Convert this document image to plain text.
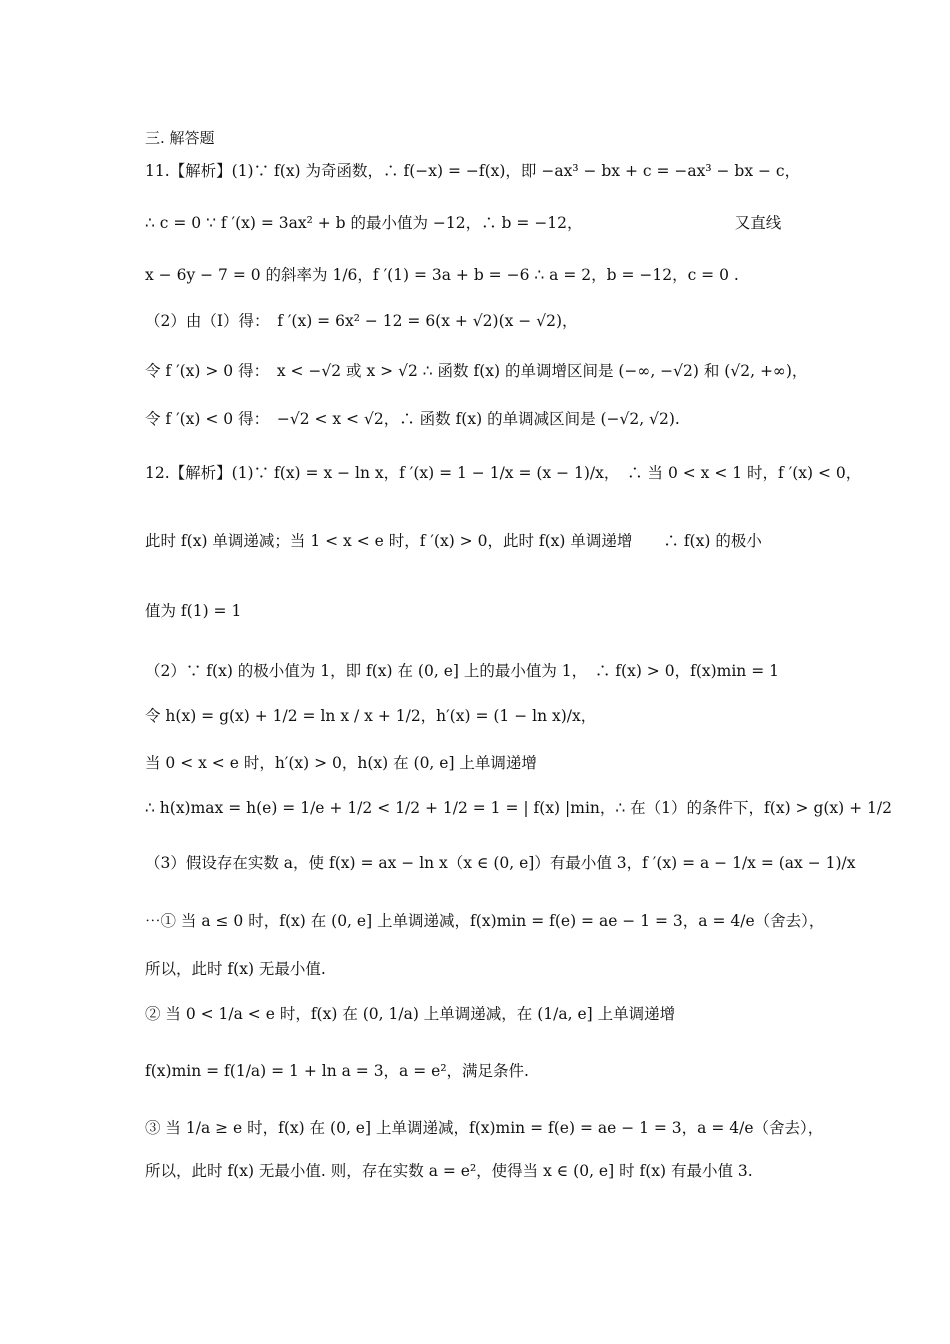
三. 解答题
11.【解析】(1)∵ f(x) 为奇函数，∴ f(−x) = −f(x)，即 −ax³ − bx + c = −ax³ − bx − c，
∴ c = 0 ∵ f ′(x) = 3ax² + b 的最小值为 −12，∴ b = −12，　　　　　　　　　　 又直线
x − 6y − 7 = 0 的斜率为 1/6，f ′(1) = 3a + b = −6 ∴ a = 2，b = −12，c = 0 .
（2）由（Ⅰ）得：　f ′(x) = 6x² − 12 = 6(x + √2)(x − √2)，
令 f ′(x) > 0 得：　x < −√2 或 x > √2 ∴ 函数 f(x) 的单调增区间是 (−∞, −√2) 和 (√2, +∞)，
令 f ′(x) < 0 得：　−√2 < x < √2，∴ 函数 f(x) 的单调减区间是 (−√2, √2).
12.【解析】(1)∵ f(x) = x − ln x，f ′(x) = 1 − 1/x = (x − 1)/x，　∴ 当 0 < x < 1 时，f ′(x) < 0，
此时 f(x) 单调递减；当 1 < x < e 时，f ′(x) > 0，此时 f(x) 单调递增　　∴ f(x) 的极小
值为 f(1) = 1
（2）∵ f(x) 的极小值为 1，即 f(x) 在 (0, e] 上的最小值为 1，　∴ f(x) > 0，f(x)min = 1
令 h(x) = g(x) + 1/2 = ln x / x + 1/2，h′(x) = (1 − ln x)/x，
当 0 < x < e 时，h′(x) > 0，h(x) 在 (0, e] 上单调递增
∴ h(x)max = h(e) = 1/e + 1/2 < 1/2 + 1/2 = 1 = | f(x) |min，∴ 在（1）的条件下，f(x) > g(x) + 1/2
（3）假设存在实数 a，使 f(x) = ax − ln x（x ∈ (0, e]）有最小值 3，f ′(x) = a − 1/x = (ax − 1)/x
⋯① 当 a ≤ 0 时，f(x) 在 (0, e] 上单调递减，f(x)min = f(e) = ae − 1 = 3，a = 4/e（舍去），
所以，此时 f(x) 无最小值.
② 当 0 < 1/a < e 时，f(x) 在 (0, 1/a) 上单调递减，在 (1/a, e] 上单调递增
f(x)min = f(1/a) = 1 + ln a = 3，a = e²，满足条件.
③ 当 1/a ≥ e 时，f(x) 在 (0, e] 上单调递减，f(x)min = f(e) = ae − 1 = 3，a = 4/e（舍去），
所以，此时 f(x) 无最小值. 则，存在实数 a = e²，使得当 x ∈ (0, e] 时 f(x) 有最小值 3.
